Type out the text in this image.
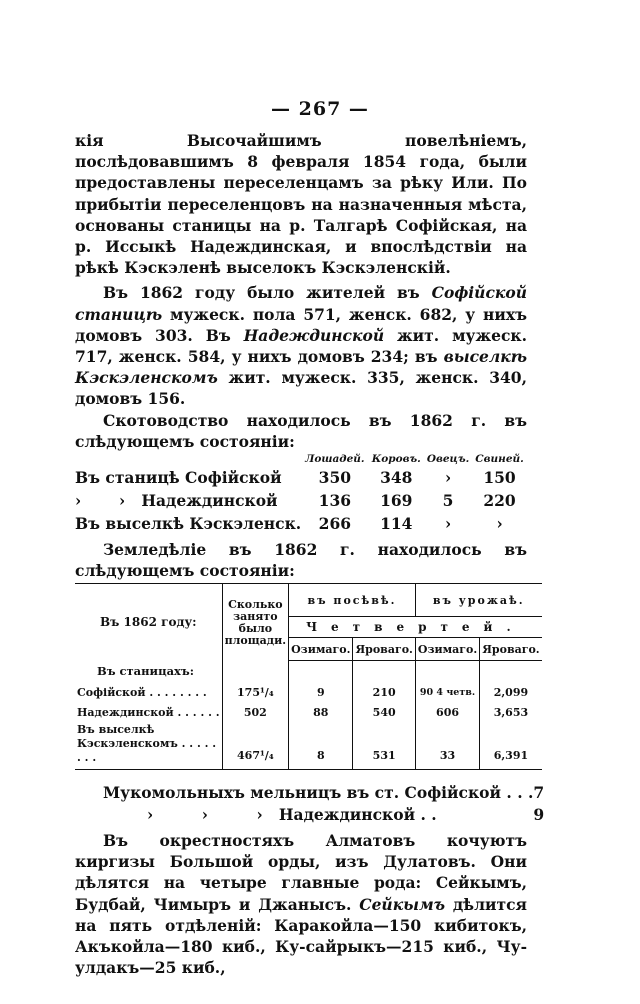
— 267 —

кія Высочайшимъ повелѣніемъ, послѣдовавшимъ 8 февраля 1854 года, были предоставлены переселенцамъ за рѣку Или. По прибытіи переселенцовъ на назначенныя мѣста, основаны станицы на р. Талгарѣ Софійская, на р. Иссыкѣ Надеждинская, и впослѣдствіи на рѣкѣ Кэскэленѣ выселокъ Кэскэленскій.

Въ 1862 году было жителей въ Софійской станицѣ мужеск. пола 571, женск. 682, у нихъ домовъ 303. Въ Надеждинской жит. мужеск. 717, женск. 584, у нихъ домовъ 234; въ выселкѣ Кэскэленскомъ жит. мужеск. 335, женск. 340, домовъ 156.

Скотоводство находилось въ 1862 г. въ слѣдующемъ состояніи:

	Лошадей.	Коровъ.	Овецъ.	Свиней.
Въ станицѣ Софійской	350	348	›	150
›       ›   Надеждинской	136	169	5	220
Въ выселкѣ Кэскэленск.	266	114	›	›

Земледѣліе въ 1862 г. находилось въ слѣдующемъ состояніи:

Въ 1862 году:	Сколько занято было площади.	въ посѣвѣ.		въ урожаѣ.	
		Четвертей.			
		Озимаго.	Яроваго.	Озимаго.	Яроваго.
Въ станицахъ:					
Софійской . . . . . . . .	175¹/₄	9	210	90 4 четв.	2,099
Надеждинской . . . . . .	502	88	540	606	3,653
Въ выселкѣ Кэскэленскомъ . . . . . . . .	467¹/₄	8	531	33	6,391
Мукомольныхъ мельницъ въ ст. Софійской . . .	7
›         ›         ›   Надеждинской . .	9

Въ окрестностяхъ Алматовъ кочуютъ киргизы Большой орды, изъ Дулатовъ. Они дѣлятся на четыре главные рода: Сейкымъ, Будбай, Чимыръ и Джанысъ. Сейкымъ дѣлится на пять отдѣленій: Каракойла—150 кибитокъ, Акъкойла—180 киб., Ку-сайрыкъ—215 киб., Чу-улдакъ—25 киб.,
